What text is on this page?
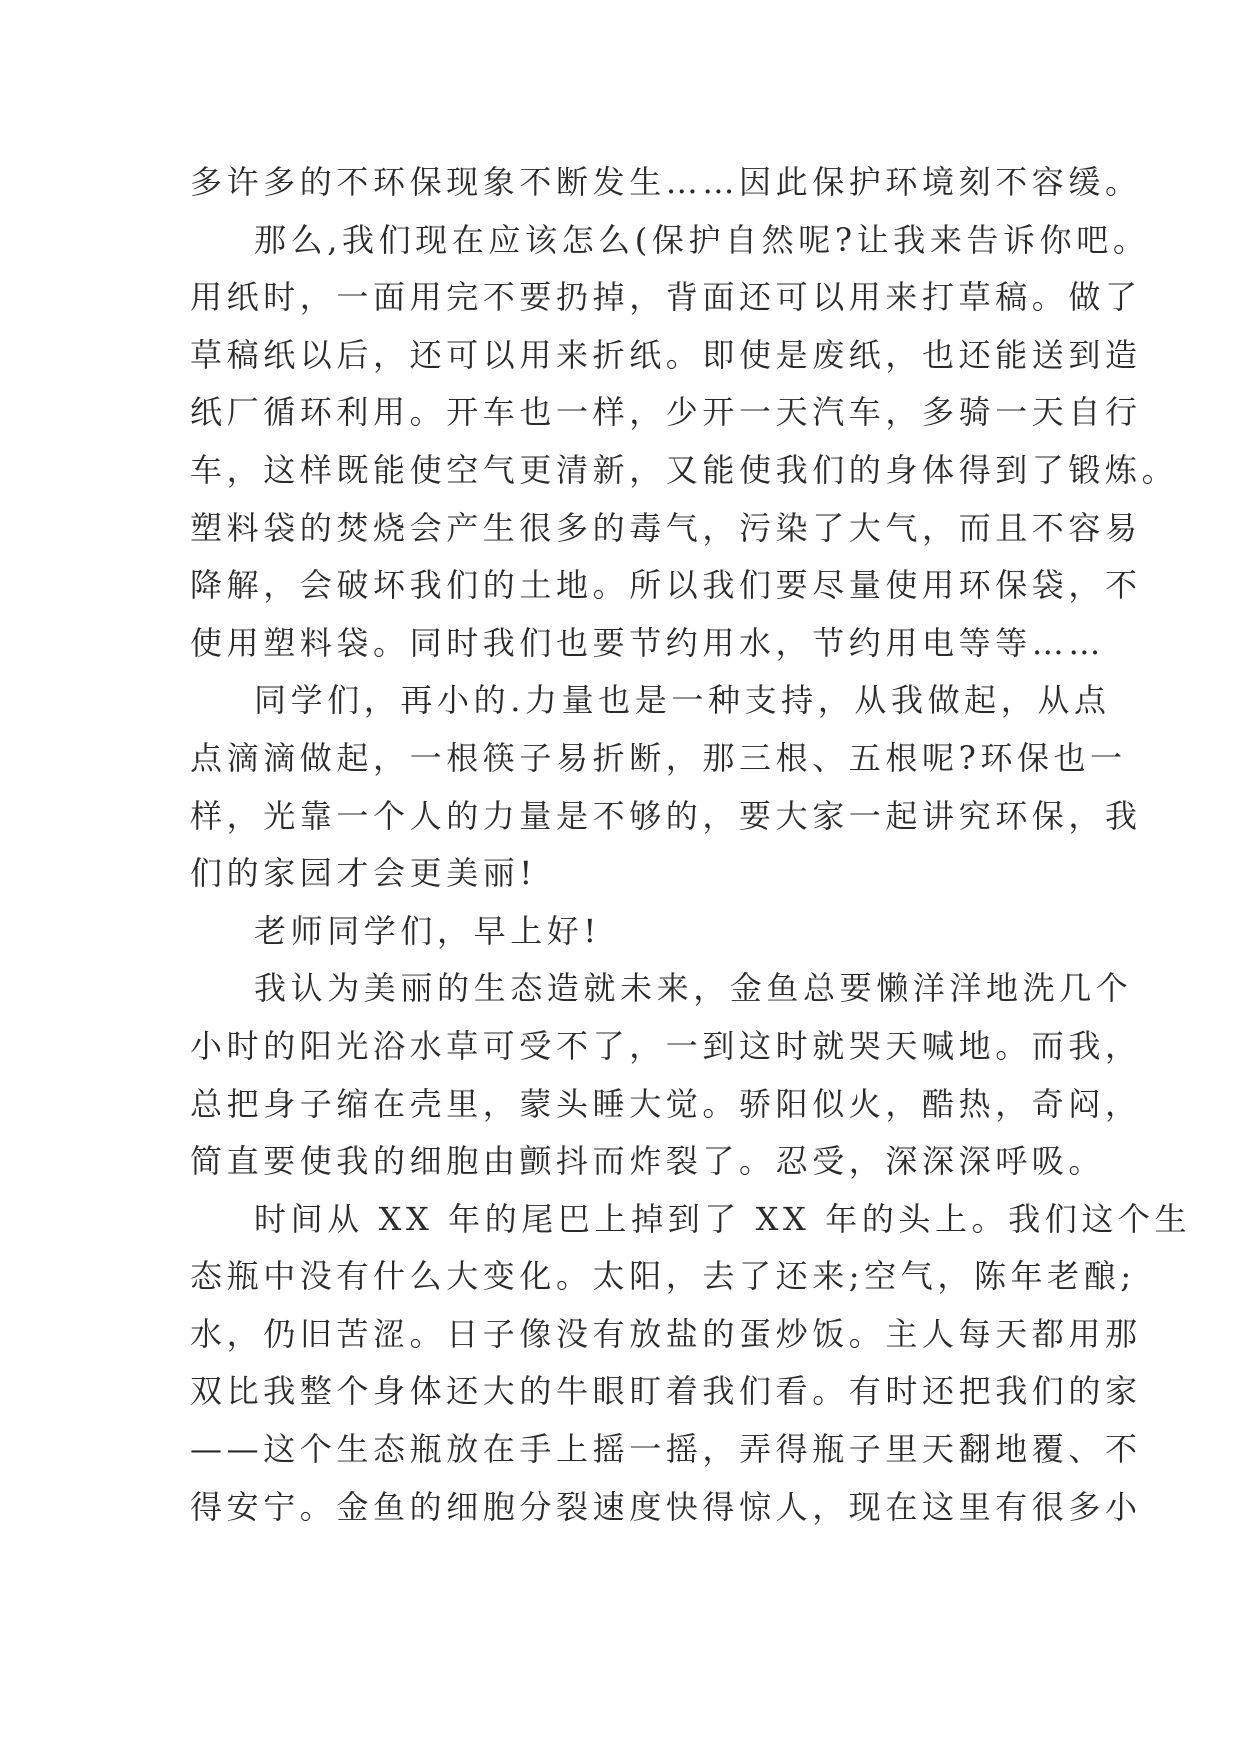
多许多的不环保现象不断发生……因此保护环境刻不容缓。
那么,我们现在应该怎么(保护自然呢?让我来告诉你吧。
用纸时，一面用完不要扔掉，背面还可以用来打草稿。做了
草稿纸以后，还可以用来折纸。即使是废纸，也还能送到造
纸厂循环利用。开车也一样，少开一天汽车，多骑一天自行
车，这样既能使空气更清新，又能使我们的身体得到了锻炼。
塑料袋的焚烧会产生很多的毒气，污染了大气，而且不容易
降解，会破坏我们的土地。所以我们要尽量使用环保袋，不
使用塑料袋。同时我们也要节约用水，节约用电等等……
同学们，再小的.力量也是一种支持，从我做起，从点
点滴滴做起，一根筷子易折断，那三根、五根呢?环保也一
样，光靠一个人的力量是不够的，要大家一起讲究环保，我
们的家园才会更美丽!
老师同学们，早上好!
我认为美丽的生态造就未来，金鱼总要懒洋洋地洗几个
小时的阳光浴水草可受不了，一到这时就哭天喊地。而我，
总把身子缩在壳里，蒙头睡大觉。骄阳似火，酷热，奇闷，
简直要使我的细胞由颤抖而炸裂了。忍受，深深深呼吸。
时间从 XX 年的尾巴上掉到了 XX 年的头上。我们这个生
态瓶中没有什么大变化。太阳，去了还来;空气，陈年老酿;
水，仍旧苦涩。日子像没有放盐的蛋炒饭。主人每天都用那
双比我整个身体还大的牛眼盯着我们看。有时还把我们的家
——这个生态瓶放在手上摇一摇，弄得瓶子里天翻地覆、不
得安宁。金鱼的细胞分裂速度快得惊人，现在这里有很多小
